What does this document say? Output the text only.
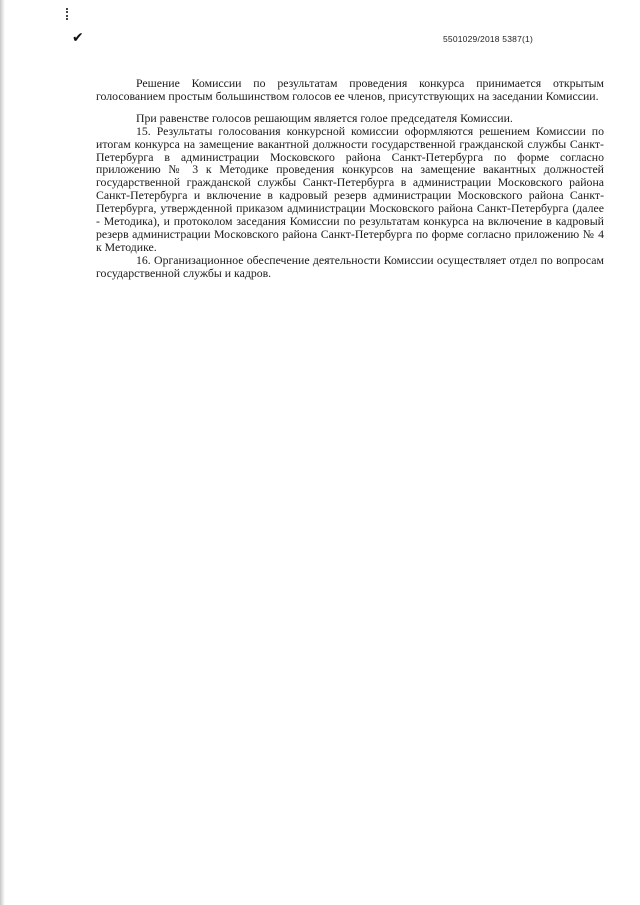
✔︎	5501029/2018 5387(1)

Решение Комиссии по результатам проведения конкурса принимается открытым голосованием простым большинством голосов ее членов, присутствующих на заседании Комиссии.

При равенстве голосов решающим является голое председателя Комиссии.

15. Результаты голосования конкурсной комиссии оформляются решением Комиссии по итогам конкурса на замещение вакантной должности государственной гражданской службы Санкт-Петербурга в администрации Московского района Санкт-Петербурга по форме согласно приложению № 3 к Методике проведения конкурсов на замещение вакантных должностей государственной гражданской службы Санкт-Петербурга в администрации Московского района Санкт-Петербурга и включение в кадровый резерв администрации Московского района Санкт-Петербурга, утвержденной приказом администрации Московского района Санкт-Петербурга (далее - Методика), и протоколом заседания Комиссии по результатам конкурса на включение в кадровый резерв администрации Московского района Санкт-Петербурга по форме согласно приложению № 4 к Методике.

16. Организационное обеспечение деятельности Комиссии осуществляет отдел по вопросам государственной службы и кадров.
